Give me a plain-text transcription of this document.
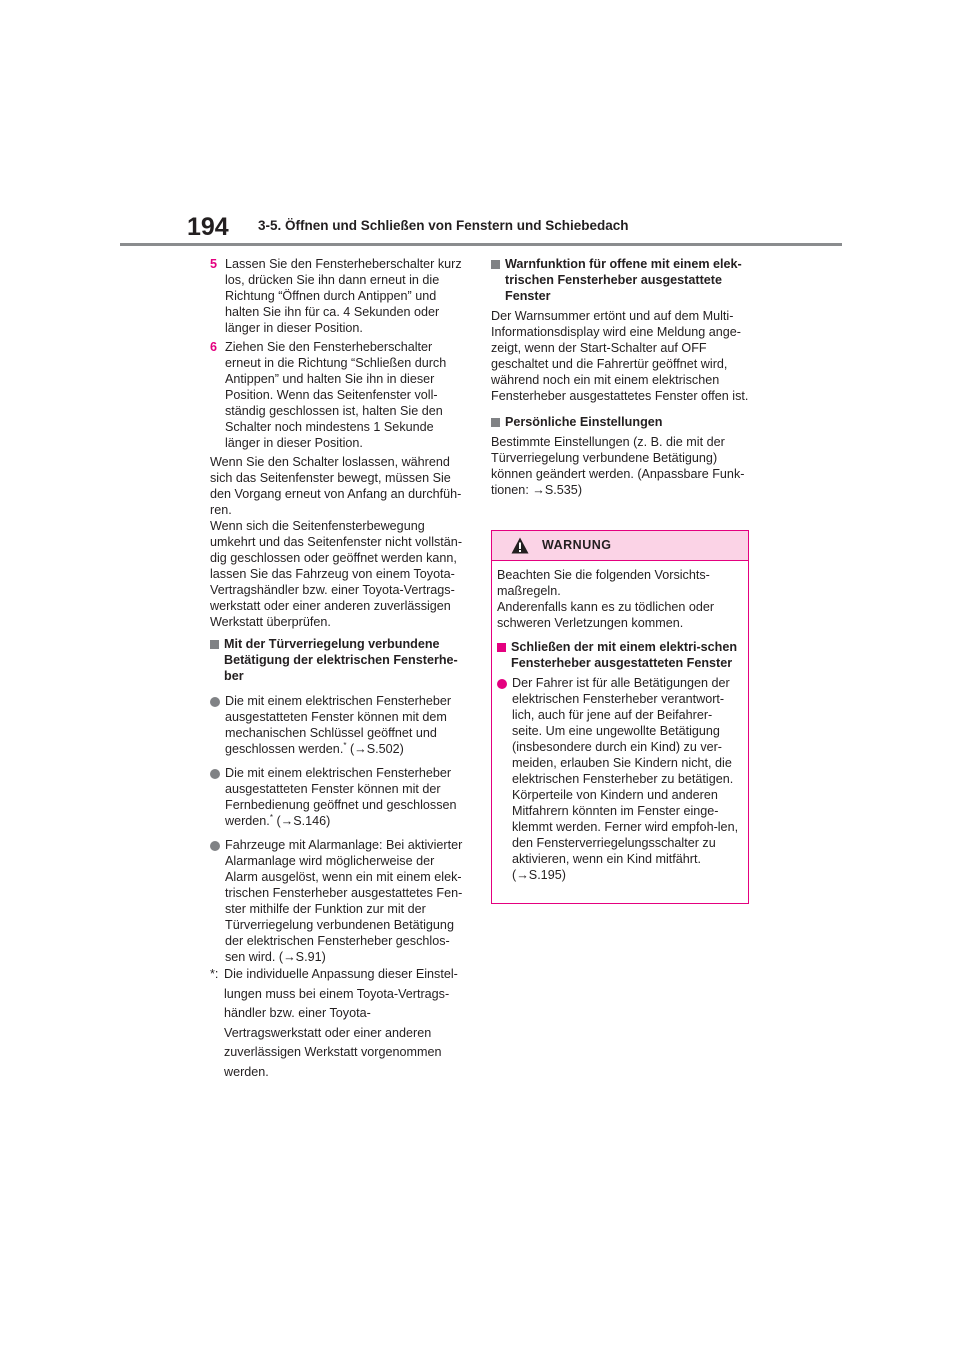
194 3-5. Öffnen und Schließen von Fenstern und Schiebedach
5 Lassen Sie den Fensterheberschalter kurz los, drücken Sie ihn dann erneut in die Richtung “Öffnen durch Antippen” und halten Sie ihn für ca. 4 Sekunden oder länger in dieser Position.
6 Ziehen Sie den Fensterheberschalter erneut in die Richtung “Schließen durch Antippen” und halten Sie ihn in dieser Position. Wenn das Seitenfenster voll-ständig geschlossen ist, halten Sie den Schalter noch mindestens 1 Sekunde länger in dieser Position.
Wenn Sie den Schalter loslassen, während sich das Seitenfenster bewegt, müssen Sie den Vorgang erneut von Anfang an durchfüh-ren.
Wenn sich die Seitenfensterbewegung umkehrt und das Seitenfenster nicht vollstän-dig geschlossen oder geöffnet werden kann, lassen Sie das Fahrzeug von einem Toyota-Vertragshändler bzw. einer Toyota-Vertrags-werkstatt oder einer anderen zuverlässigen Werkstatt überprüfen.
Mit der Türverriegelung verbundene Betätigung der elektrischen Fensterhe-ber
Die mit einem elektrischen Fensterheber ausgestatteten Fenster können mit dem mechanischen Schlüssel geöffnet und geschlossen werden.* (→S.502)
Die mit einem elektrischen Fensterheber ausgestatteten Fenster können mit der Fernbedienung geöffnet und geschlossen werden.* (→S.146)
Fahrzeuge mit Alarmanlage: Bei aktivierter Alarmanlage wird möglicherweise der Alarm ausgelöst, wenn ein mit einem elek-trischen Fensterheber ausgestattetes Fen-ster mithilfe der Funktion zur mit der Türverriegelung verbundenen Betätigung der elektrischen Fensterheber geschlos-sen wird. (→S.91)
*: Die individuelle Anpassung dieser Einstel-lungen muss bei einem Toyota-Vertrags-händler bzw. einer Toyota-Vertragswerkstatt oder einer anderen zuverlässigen Werkstatt vorgenommen werden.
Warnfunktion für offene mit einem elek-trischen Fensterheber ausgestattete Fenster
Der Warnsummer ertönt und auf dem Multi-Informationsdisplay wird eine Meldung ange-zeigt, wenn der Start-Schalter auf OFF geschaltet und die Fahrertür geöffnet wird, während noch ein mit einem elektrischen Fensterheber ausgestattetes Fenster offen ist.
Persönliche Einstellungen
Bestimmte Einstellungen (z. B. die mit der Türverriegelung verbundene Betätigung) können geändert werden. (Anpassbare Funk-tionen: →S.535)
WARNUNG
Beachten Sie die folgenden Vorsichts-maßregeln.
Anderenfalls kann es zu tödlichen oder schweren Verletzungen kommen.
Schließen der mit einem elektri-schen Fensterheber ausgestatteten Fenster
Der Fahrer ist für alle Betätigungen der elektrischen Fensterheber verantwort-lich, auch für jene auf der Beifahrer-seite. Um eine ungewollte Betätigung (insbesondere durch ein Kind) zu ver-meiden, erlauben Sie Kindern nicht, die elektrischen Fensterheber zu betätigen. Körperteile von Kindern und anderen Mitfahrern könnten im Fenster einge-klemmt werden. Ferner wird empfoh-len, den Fensterverriegelungsschalter zu aktivieren, wenn ein Kind mitfährt. (→S.195)
